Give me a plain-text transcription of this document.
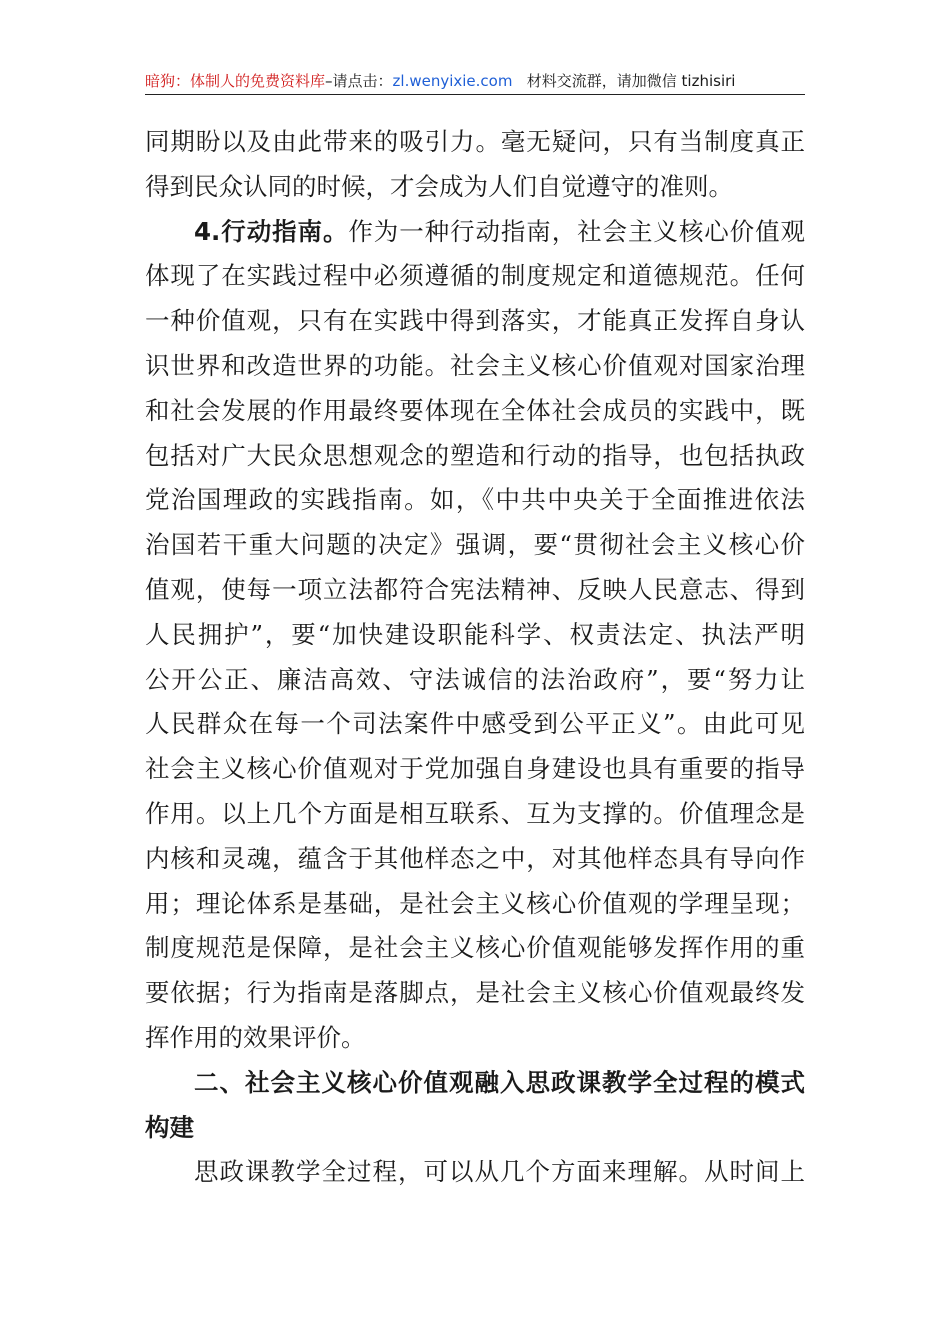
暗狗：体制人的免费资料库–请点击：zl.wenyixie.com 材料交流群，请加微信 tizhisiri
同期盼以及由此带来的吸引力。毫无疑问，只有当制度真正
得到民众认同的时候，才会成为人们自觉遵守的准则。
4.行动指南。作为一种行动指南，社会主义核心价值观
体现了在实践过程中必须遵循的制度规定和道德规范。任何
一种价值观，只有在实践中得到落实，才能真正发挥自身认
识世界和改造世界的功能。社会主义核心价值观对国家治理
和社会发展的作用最终要体现在全体社会成员的实践中，既
包括对广大民众思想观念的塑造和行动的指导，也包括执政
党治国理政的实践指南。如，《中共中央关于全面推进依法
治国若干重大问题的决定》强调，要“贯彻社会主义核心价
值观，使每一项立法都符合宪法精神、反映人民意志、得到
人民拥护”，要“加快建设职能科学、权责法定、执法严明
公开公正、廉洁高效、守法诚信的法治政府”，要“努力让
人民群众在每一个司法案件中感受到公平正义”。由此可见
社会主义核心价值观对于党加强自身建设也具有重要的指导
作用。以上几个方面是相互联系、互为支撑的。价值理念是
内核和灵魂，蕴含于其他样态之中，对其他样态具有导向作
用；理论体系是基础，是社会主义核心价值观的学理呈现；
制度规范是保障，是社会主义核心价值观能够发挥作用的重
要依据；行为指南是落脚点，是社会主义核心价值观最终发
挥作用的效果评价。
二、社会主义核心价值观融入思政课教学全过程的模式
构建
思政课教学全过程，可以从几个方面来理解。从时间上
